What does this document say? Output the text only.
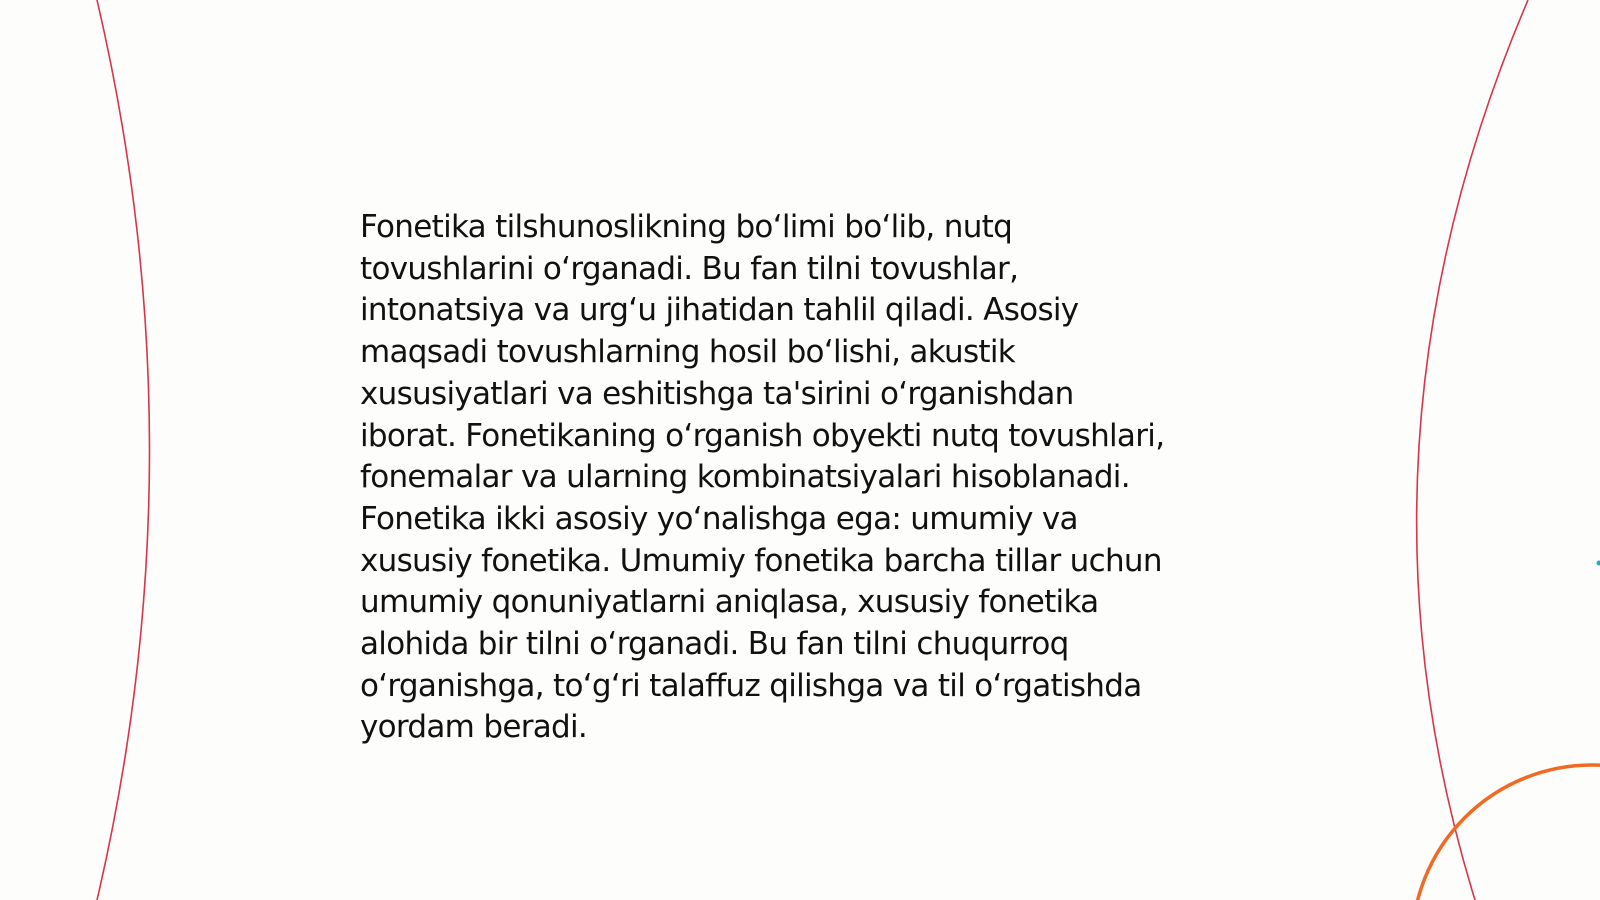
Fonetika tilshunoslikning bo‘limi bo‘lib, nutq
tovushlarini o‘rganadi. Bu fan tilni tovushlar,
intonatsiya va urg‘u jihatidan tahlil qiladi. Asosiy
maqsadi tovushlarning hosil bo‘lishi, akustik
xususiyatlari va eshitishga ta'sirini o‘rganishdan
iborat. Fonetikaning o‘rganish obyekti nutq tovushlari,
fonemalar va ularning kombinatsiyalari hisoblanadi.
Fonetika ikki asosiy yo‘nalishga ega: umumiy va
xususiy fonetika. Umumiy fonetika barcha tillar uchun
umumiy qonuniyatlarni aniqlasa, xususiy fonetika
alohida bir tilni o‘rganadi. Bu fan tilni chuqurroq
o‘rganishga, to‘g‘ri talaffuz qilishga va til o‘rgatishda
yordam beradi.
